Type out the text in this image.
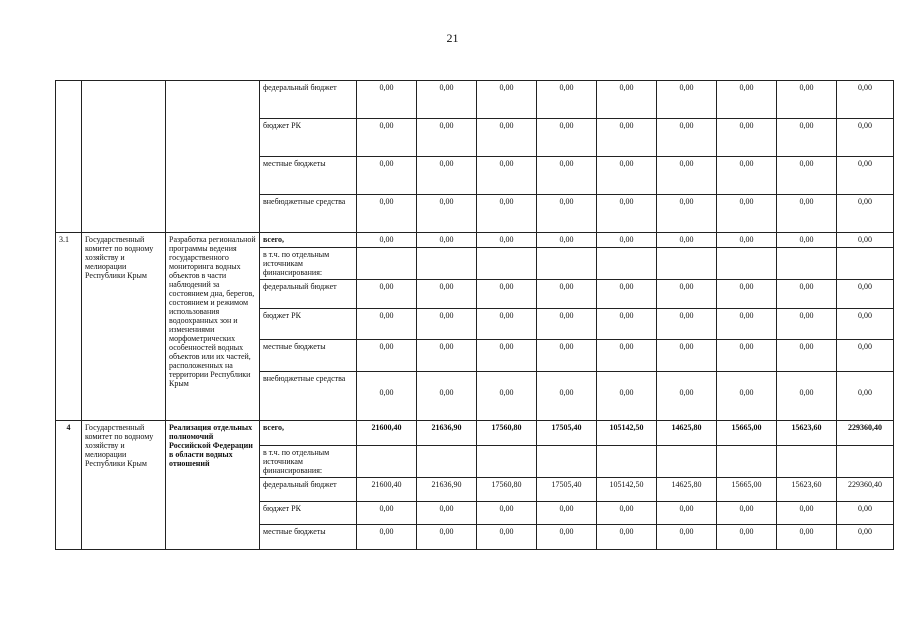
21
			федеральный бюджет	0,00	0,00	0,00	0,00	0,00	0,00	0,00	0,00	0,00
			бюджет РК	0,00	0,00	0,00	0,00	0,00	0,00	0,00	0,00	0,00
			местные бюджеты	0,00	0,00	0,00	0,00	0,00	0,00	0,00	0,00	0,00
			внебюджетные средства	0,00	0,00	0,00	0,00	0,00	0,00	0,00	0,00	0,00
3.1	Государственный комитет по водному хозяйству и мелиорации Республики Крым	Разработка региональной программы ведения государственного мониторинга водных объектов в части наблюдений за состоянием дна, берегов, состоянием и режимом использования водоохранных зон и изменениями морфометрических особенностей водных объектов или их частей, расположенных на территории Республики Крым	всего,	0,00	0,00	0,00	0,00	0,00	0,00	0,00	0,00	0,00
			в т.ч. по отдельным источникам финансирования:									
			федеральный бюджет	0,00	0,00	0,00	0,00	0,00	0,00	0,00	0,00	0,00
			бюджет РК	0,00	0,00	0,00	0,00	0,00	0,00	0,00	0,00	0,00
			местные бюджеты	0,00	0,00	0,00	0,00	0,00	0,00	0,00	0,00	0,00
			внебюджетные средства	0,00	0,00	0,00	0,00	0,00	0,00	0,00	0,00	0,00
4	Государственный комитет по водному хозяйству и мелиорации Республики Крым	Реализация отдельных полномочий Российской Федерации в области водных отношений	всего,	21600,40	21636,90	17560,80	17505,40	105142,50	14625,80	15665,00	15623,60	229360,40
			в т.ч. по отдельным источникам финансирования:									
			федеральный бюджет	21600,40	21636,90	17560,80	17505,40	105142,50	14625,80	15665,00	15623,60	229360,40
			бюджет РК	0,00	0,00	0,00	0,00	0,00	0,00	0,00	0,00	0,00
			местные бюджеты	0,00	0,00	0,00	0,00	0,00	0,00	0,00	0,00	0,00
